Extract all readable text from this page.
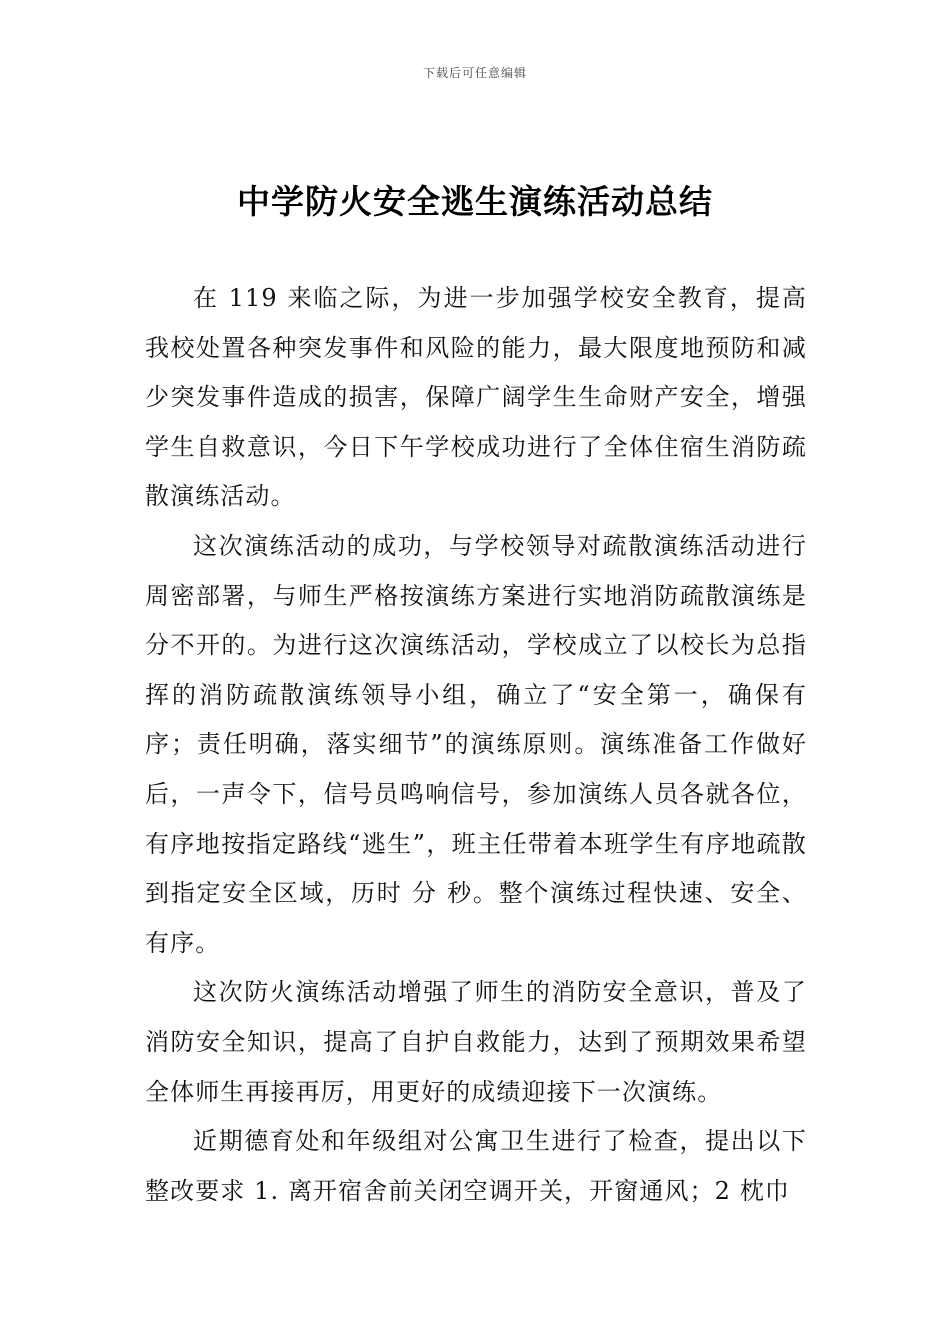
下载后可任意编辑
中学防火安全逃生演练活动总结

在 119 来临之际，为进一步加强学校安全教育，提高我校处置各种突发事件和风险的能力，最大限度地预防和减少突发事件造成的损害，保障广阔学生生命财产安全，增强学生自救意识，今日下午学校成功进行了全体住宿生消防疏散演练活动。

这次演练活动的成功，与学校领导对疏散演练活动进行周密部署，与师生严格按演练方案进行实地消防疏散演练是分不开的。为进行这次演练活动，学校成立了以校长为总指挥的消防疏散演练领导小组，确立了“安全第一，确保有序；责任明确，落实细节”的演练原则。演练准备工作做好后，一声令下，信号员鸣响信号，参加演练人员各就各位，有序地按指定路线“逃生”，班主任带着本班学生有序地疏散到指定安全区域，历时 分 秒。整个演练过程快速、安全、有序。

这次防火演练活动增强了师生的消防安全意识，普及了消防安全知识，提高了自护自救能力，达到了预期效果希望全体师生再接再厉，用更好的成绩迎接下一次演练。

近期德育处和年级组对公寓卫生进行了检查，提出以下整改要求 1. 离开宿舍前关闭空调开关，开窗通风；2 枕巾
